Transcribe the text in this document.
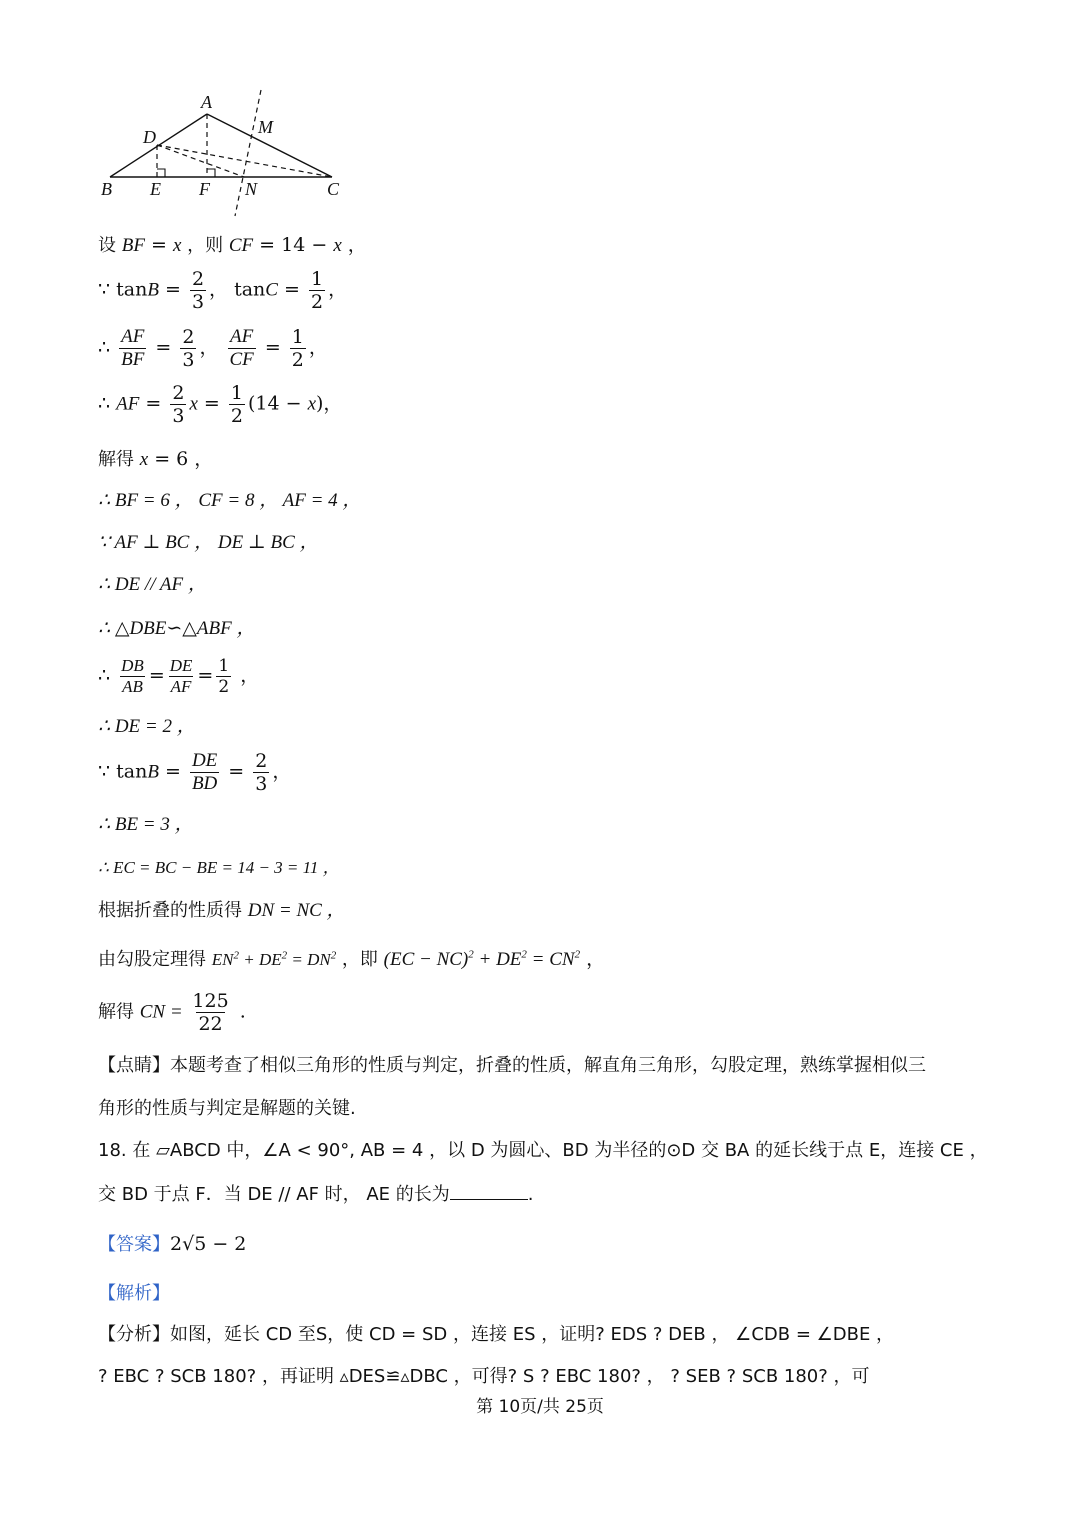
A
M
D
B E F N	C
设 BF = x ，则 CF = 14 − x ，
∵ $\tan B = \frac{2}{3}$ ， $\tan C = \frac{1}{2}$ ，
∴ $\frac{AF}{BF} = \frac{2}{3}$ ， $\frac{AF}{CF} = \frac{1}{2}$ ，
∴ AF = $\frac{2}{3}$ $x = \frac{1}{2} (14 - x)$，
解得 x = 6 ，
∴ BF = 6 ， CF = 8 ， AF = 4 ，
∵ AF ⊥ BC ， DE ⊥ BC ，
∴ DE // AF ，
∴ △DBE∽△ABF ，
∴ $\frac{DB}{AB} = \frac{DE}{AF} = \frac{1}{2}$ ，
∴ DE = 2 ，
∵ $\tan B = \frac{DE}{BD} = \frac{2}{3}$ ，
∴ BE = 3 ，
∴ EC = BC − BE = 14 − 3 = 11 ，
根据折叠的性质得 DN = NC ，
由勾股定理得 $EN^2 + DE^2 = DN^2$ ，即 $(EC - NC)^2 + DE^2 = CN^2$ ，
解得 CN = $\frac{125}{22}$ .
【点睛】本题考查了相似三角形的性质与判定，折叠的性质，解直角三角形，勾股定理，熟练掌握相似三
角形的性质与判定是解题的关键.
18. 在 ▱ABCD 中，∠A < 90°, AB = 4 ，以 D 为圆心、BD 为半径的⊙D 交 BA 的延长线于点 E，连接 CE ，
交 BD 于点 F．当 DE // AF 时， AE 的长为	.
【答案】2√5 − 2
【解析】
【分析】如图，延长 CD 至S，使 CD = SD ，连接 ES ，证明? EDS ? DEB ， ∠CDB = ∠DBE ，
? EBC ? SCB 180? ，再证明 ▵DES≌▵DBC ，可得? S ? EBC 180? ， ? SEB ? SCB 180? ，可
第 10页/共 25页
